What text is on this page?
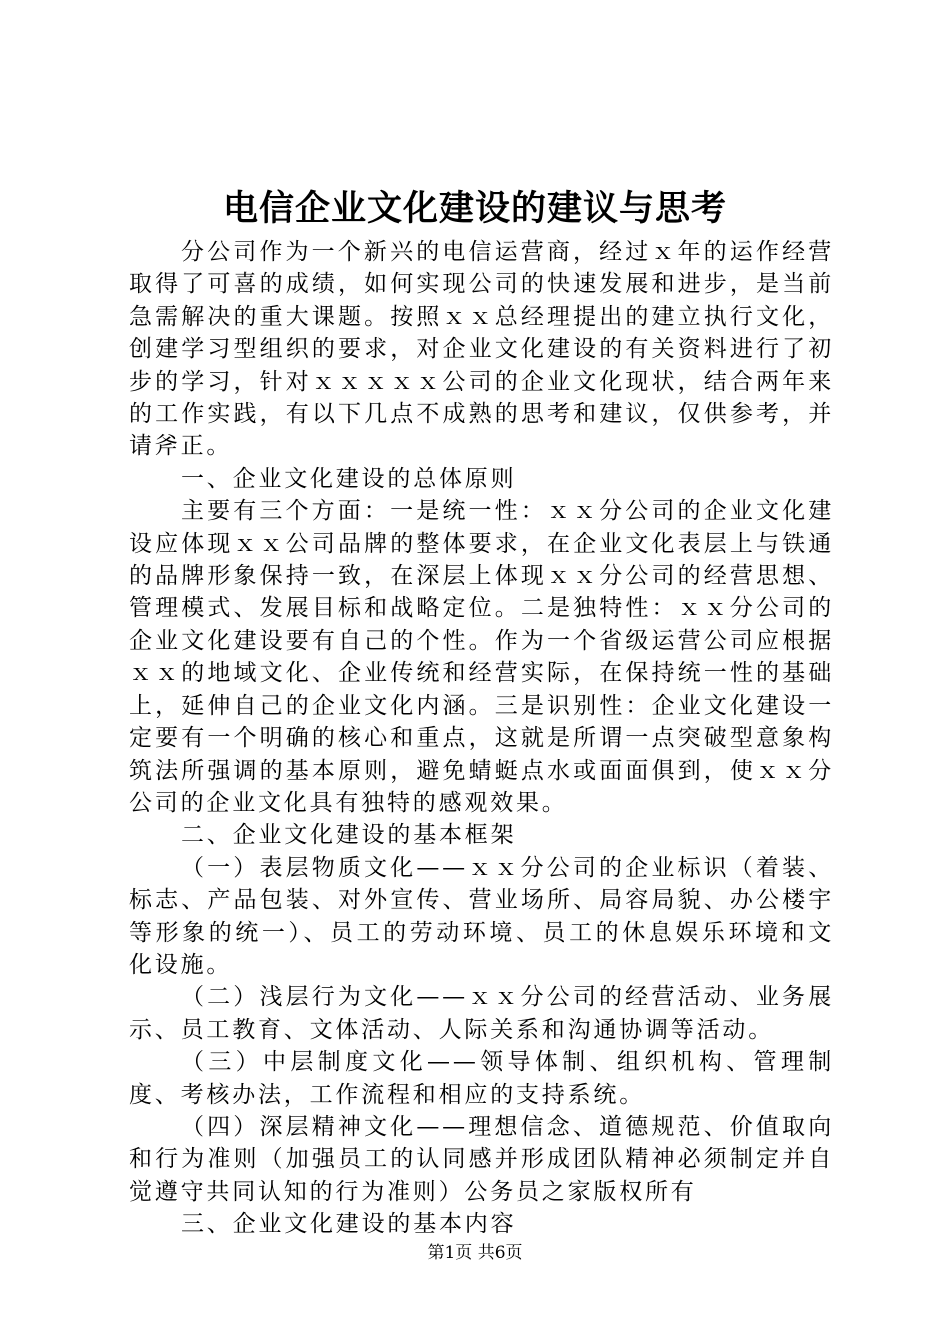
电信企业文化建设的建议与思考

分公司作为一个新兴的电信运营商，经过ｘ年的运作经营取得了可喜的成绩，如何实现公司的快速发展和进步，是当前急需解决的重大课题。按照ｘｘ总经理提出的建立执行文化，创建学习型组织的要求，对企业文化建设的有关资料进行了初步的学习，针对ｘｘｘｘｘ公司的企业文化现状，结合两年来的工作实践，有以下几点不成熟的思考和建议，仅供参考，并请斧正。

一、企业文化建设的总体原则

主要有三个方面：一是统一性：ｘｘ分公司的企业文化建设应体现ｘｘ公司品牌的整体要求，在企业文化表层上与铁通的品牌形象保持一致，在深层上体现ｘｘ分公司的经营思想、管理模式、发展目标和战略定位。二是独特性：ｘｘ分公司的企业文化建设要有自己的个性。作为一个省级运营公司应根据ｘｘ的地域文化、企业传统和经营实际，在保持统一性的基础上，延伸自己的企业文化内涵。三是识别性：企业文化建设一定要有一个明确的核心和重点，这就是所谓一点突破型意象构筑法所强调的基本原则，避免蜻蜓点水或面面俱到，使ｘｘ分公司的企业文化具有独特的感观效果。

二、企业文化建设的基本框架

（一）表层物质文化——ｘｘ分公司的企业标识（着装、标志、产品包装、对外宣传、营业场所、局容局貌、办公楼宇等形象的统一）、员工的劳动环境、员工的休息娱乐环境和文化设施。

（二）浅层行为文化——ｘｘ分公司的经营活动、业务展示、员工教育、文体活动、人际关系和沟通协调等活动。

（三）中层制度文化——领导体制、组织机构、管理制度、考核办法，工作流程和相应的支持系统。

（四）深层精神文化——理想信念、道德规范、价值取向和行为准则（加强员工的认同感并形成团队精神必须制定并自觉遵守共同认知的行为准则）公务员之家版权所有

三、企业文化建设的基本内容

第1页 共6页
